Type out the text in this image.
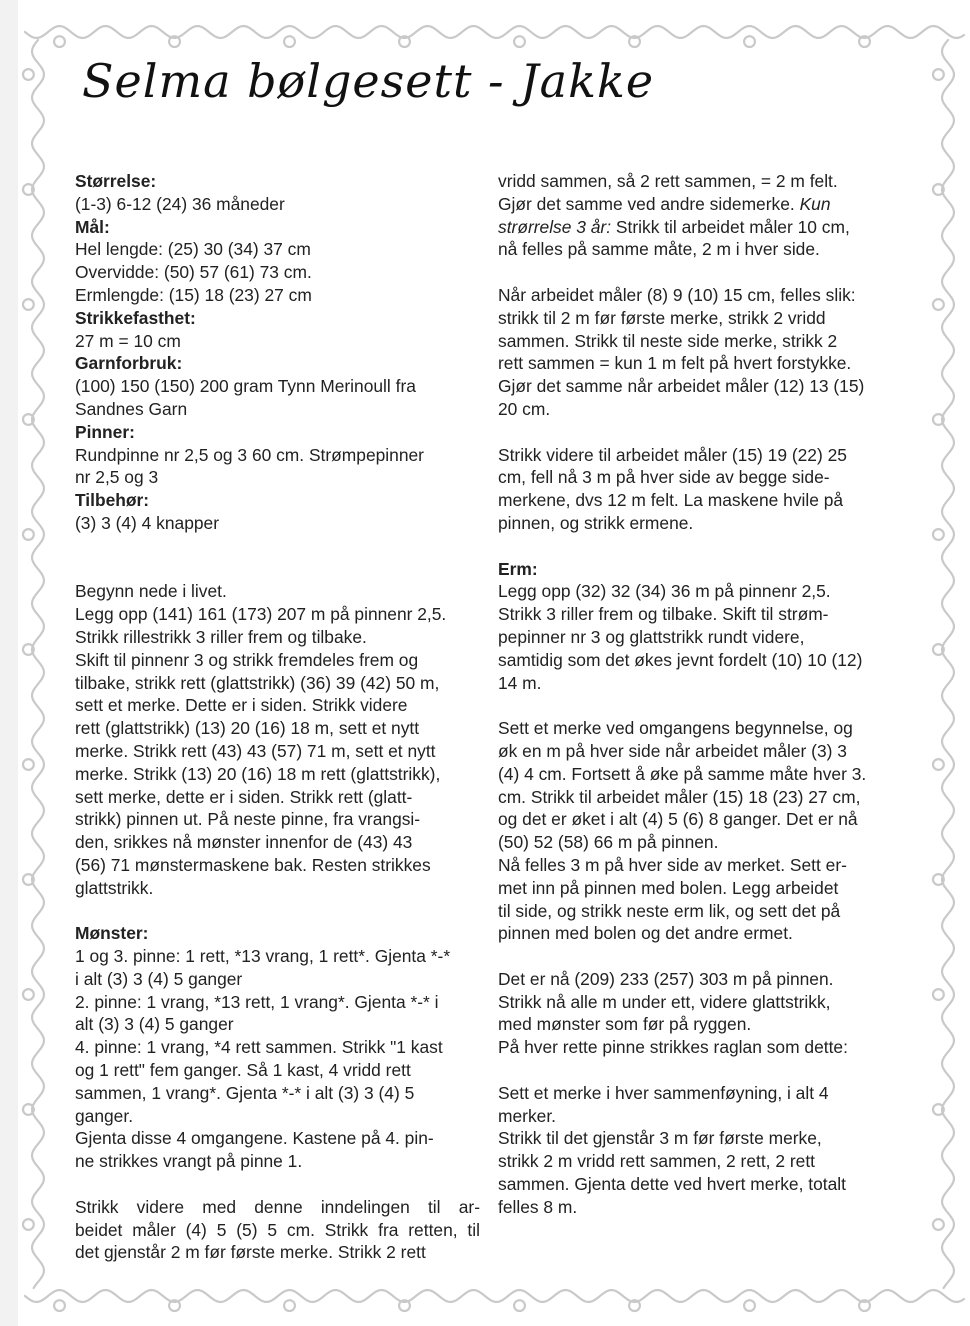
Selma bølgesett - Jakke
Størrelse:
(1-3) 6-12 (24) 36 måneder
Mål:
Hel lengde: (25) 30 (34) 37 cm
Overvidde: (50) 57 (61) 73 cm.
Ermlengde: (15) 18 (23) 27 cm
Strikkefasthet:
27 m = 10 cm
Garnforbruk:
(100) 150 (150) 200 gram Tynn Merinoull fra
Sandnes Garn
Pinner:
Rundpinne nr 2,5 og 3 60 cm. Strømpepinner
nr 2,5 og 3
Tilbehør:
(3) 3 (4) 4 knapper
Begynn nede i livet.
Legg opp (141) 161 (173) 207 m på pinnenr 2,5.
Strikk rillestrikk 3 riller frem og tilbake.
Skift til pinnenr 3 og strikk fremdeles frem og
tilbake, strikk rett (glattstrikk) (36) 39 (42) 50 m,
sett et merke. Dette er i siden. Strikk videre
rett (glattstrikk) (13) 20 (16) 18 m, sett et nytt
merke. Strikk rett (43) 43 (57) 71 m, sett et nytt
merke. Strikk (13) 20 (16) 18 m rett (glattstrikk),
sett merke, dette er i siden. Strikk rett (glatt-
strikk) pinnen ut. På neste pinne, fra vrangsi-
den, srikkes nå mønster innenfor de (43) 43
(56) 71 mønstermaskene bak. Resten strikkes
glattstrikk.
Mønster:
1 og 3. pinne: 1 rett, *13 vrang, 1 rett*. Gjenta *-*
i alt (3) 3 (4) 5 ganger
2. pinne: 1 vrang, *13 rett, 1 vrang*. Gjenta *-* i
alt (3) 3 (4) 5 ganger
4. pinne: 1 vrang, *4 rett sammen. Strikk "1 kast
og 1 rett" fem ganger. Så 1 kast, 4 vridd rett
sammen, 1 vrang*. Gjenta *-* i alt (3) 3 (4) 5
ganger.
Gjenta disse 4 omgangene. Kastene på 4. pin-
ne strikkes vrangt på pinne 1.
Strikk videre med denne inndelingen til ar-
beidet måler (4) 5 (5) 5 cm. Strikk fra retten, til
det gjenstår 2 m før første merke. Strikk 2 rett
vridd sammen, så 2 rett sammen, = 2 m felt.
Gjør det samme ved andre sidemerke. Kun
strørrelse 3 år: Strikk til arbeidet måler 10 cm,
nå felles på samme måte, 2 m i hver side.
Når arbeidet måler (8) 9 (10) 15 cm, felles slik:
strikk til 2 m før første merke, strikk 2 vridd
sammen. Strikk til neste side merke, strikk 2
rett sammen = kun 1 m felt på hvert forstykke.
Gjør det samme når arbeidet måler (12) 13 (15)
20 cm.
Strikk videre til arbeidet måler (15) 19 (22) 25
cm, fell nå 3 m på hver side av begge side-
merkene, dvs 12 m felt. La maskene hvile på
pinnen, og strikk ermene.
Erm:
Legg opp (32) 32 (34) 36 m på pinnenr 2,5.
Strikk 3 riller frem og tilbake. Skift til strøm-
pepinner nr 3 og glattstrikk rundt videre,
samtidig som det økes jevnt fordelt (10) 10 (12)
14 m.
Sett et merke ved omgangens begynnelse, og
øk en m på hver side når arbeidet måler (3) 3
(4) 4 cm. Fortsett å øke på samme måte hver 3.
cm. Strikk til arbeidet måler (15) 18 (23) 27 cm,
og det er øket i alt (4) 5 (6) 8 ganger. Det er nå
(50) 52 (58) 66 m på pinnen.
Nå felles 3 m på hver side av merket. Sett er-
met inn på pinnen med bolen. Legg arbeidet
til side, og strikk neste erm lik, og sett det på
pinnen med bolen og det andre ermet.
Det er nå (209) 233 (257) 303 m på pinnen.
Strikk nå alle m under ett, videre glattstrikk,
med mønster som før på ryggen.
På hver rette pinne strikkes raglan som dette:
Sett et merke i hver sammenføyning, i alt 4
merker.
Strikk til det gjenstår 3 m før første merke,
strikk 2 m vridd rett sammen, 2 rett, 2 rett
sammen. Gjenta dette ved hvert merke, totalt
felles 8 m.
